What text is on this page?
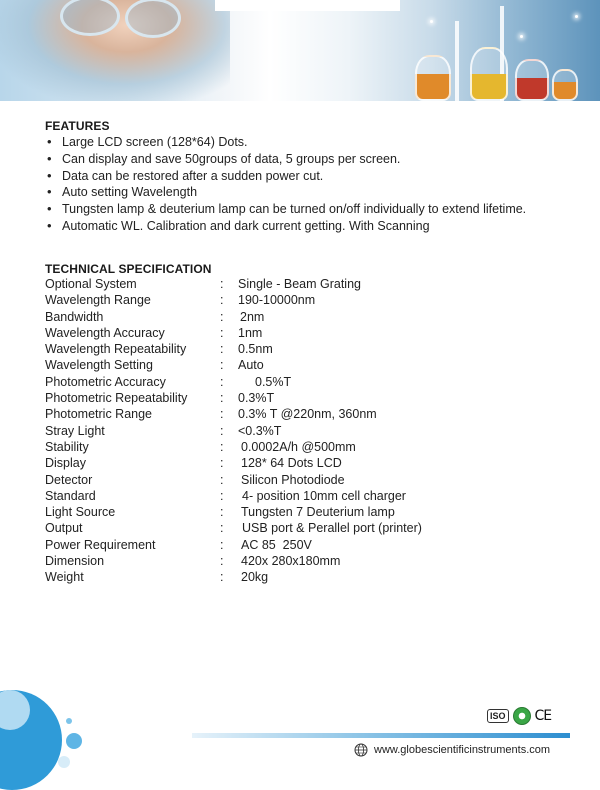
FEATURES
• Large LCD screen (128*64) Dots.
• Can display and save 50groups of data, 5 groups per screen.
• Data can be restored after a sudden power cut.
• Auto setting Wavelength
• Tungsten lamp & deuterium lamp can be turned on/off individually to extend lifetime.
• Automatic WL. Calibration and dark current getting. With Scanning
TECHNICAL SPECIFICATION
Optional System	: Single - Beam Grating
Wavelength Range	: 190-10000nm
Bandwidth	: 2nm
Wavelength Accuracy	: 1nm
Wavelength Repeatability	: 0.5nm
Wavelength Setting	: Auto
Photometric Accuracy	:	0.5%T
Photometric Repeatability	: 0.3%T
Photometric Range	: 0.3% T @220nm, 360nm
Stray Light	: <0.3%T
Stability	: 0.0002A/h @500mm
Display	: 128* 64 Dots LCD
Detector	: Silicon Photodiode
Standard	: 4- position 10mm cell charger
Light Source	: Tungsten 7 Deuterium lamp
Output	: USB port & Perallel port (printer)
Power Requirement	: AC 85  250V
Dimension	: 420x 280x180mm
Weight	: 20kg
ISO CE
www.globescientificinstruments.com
